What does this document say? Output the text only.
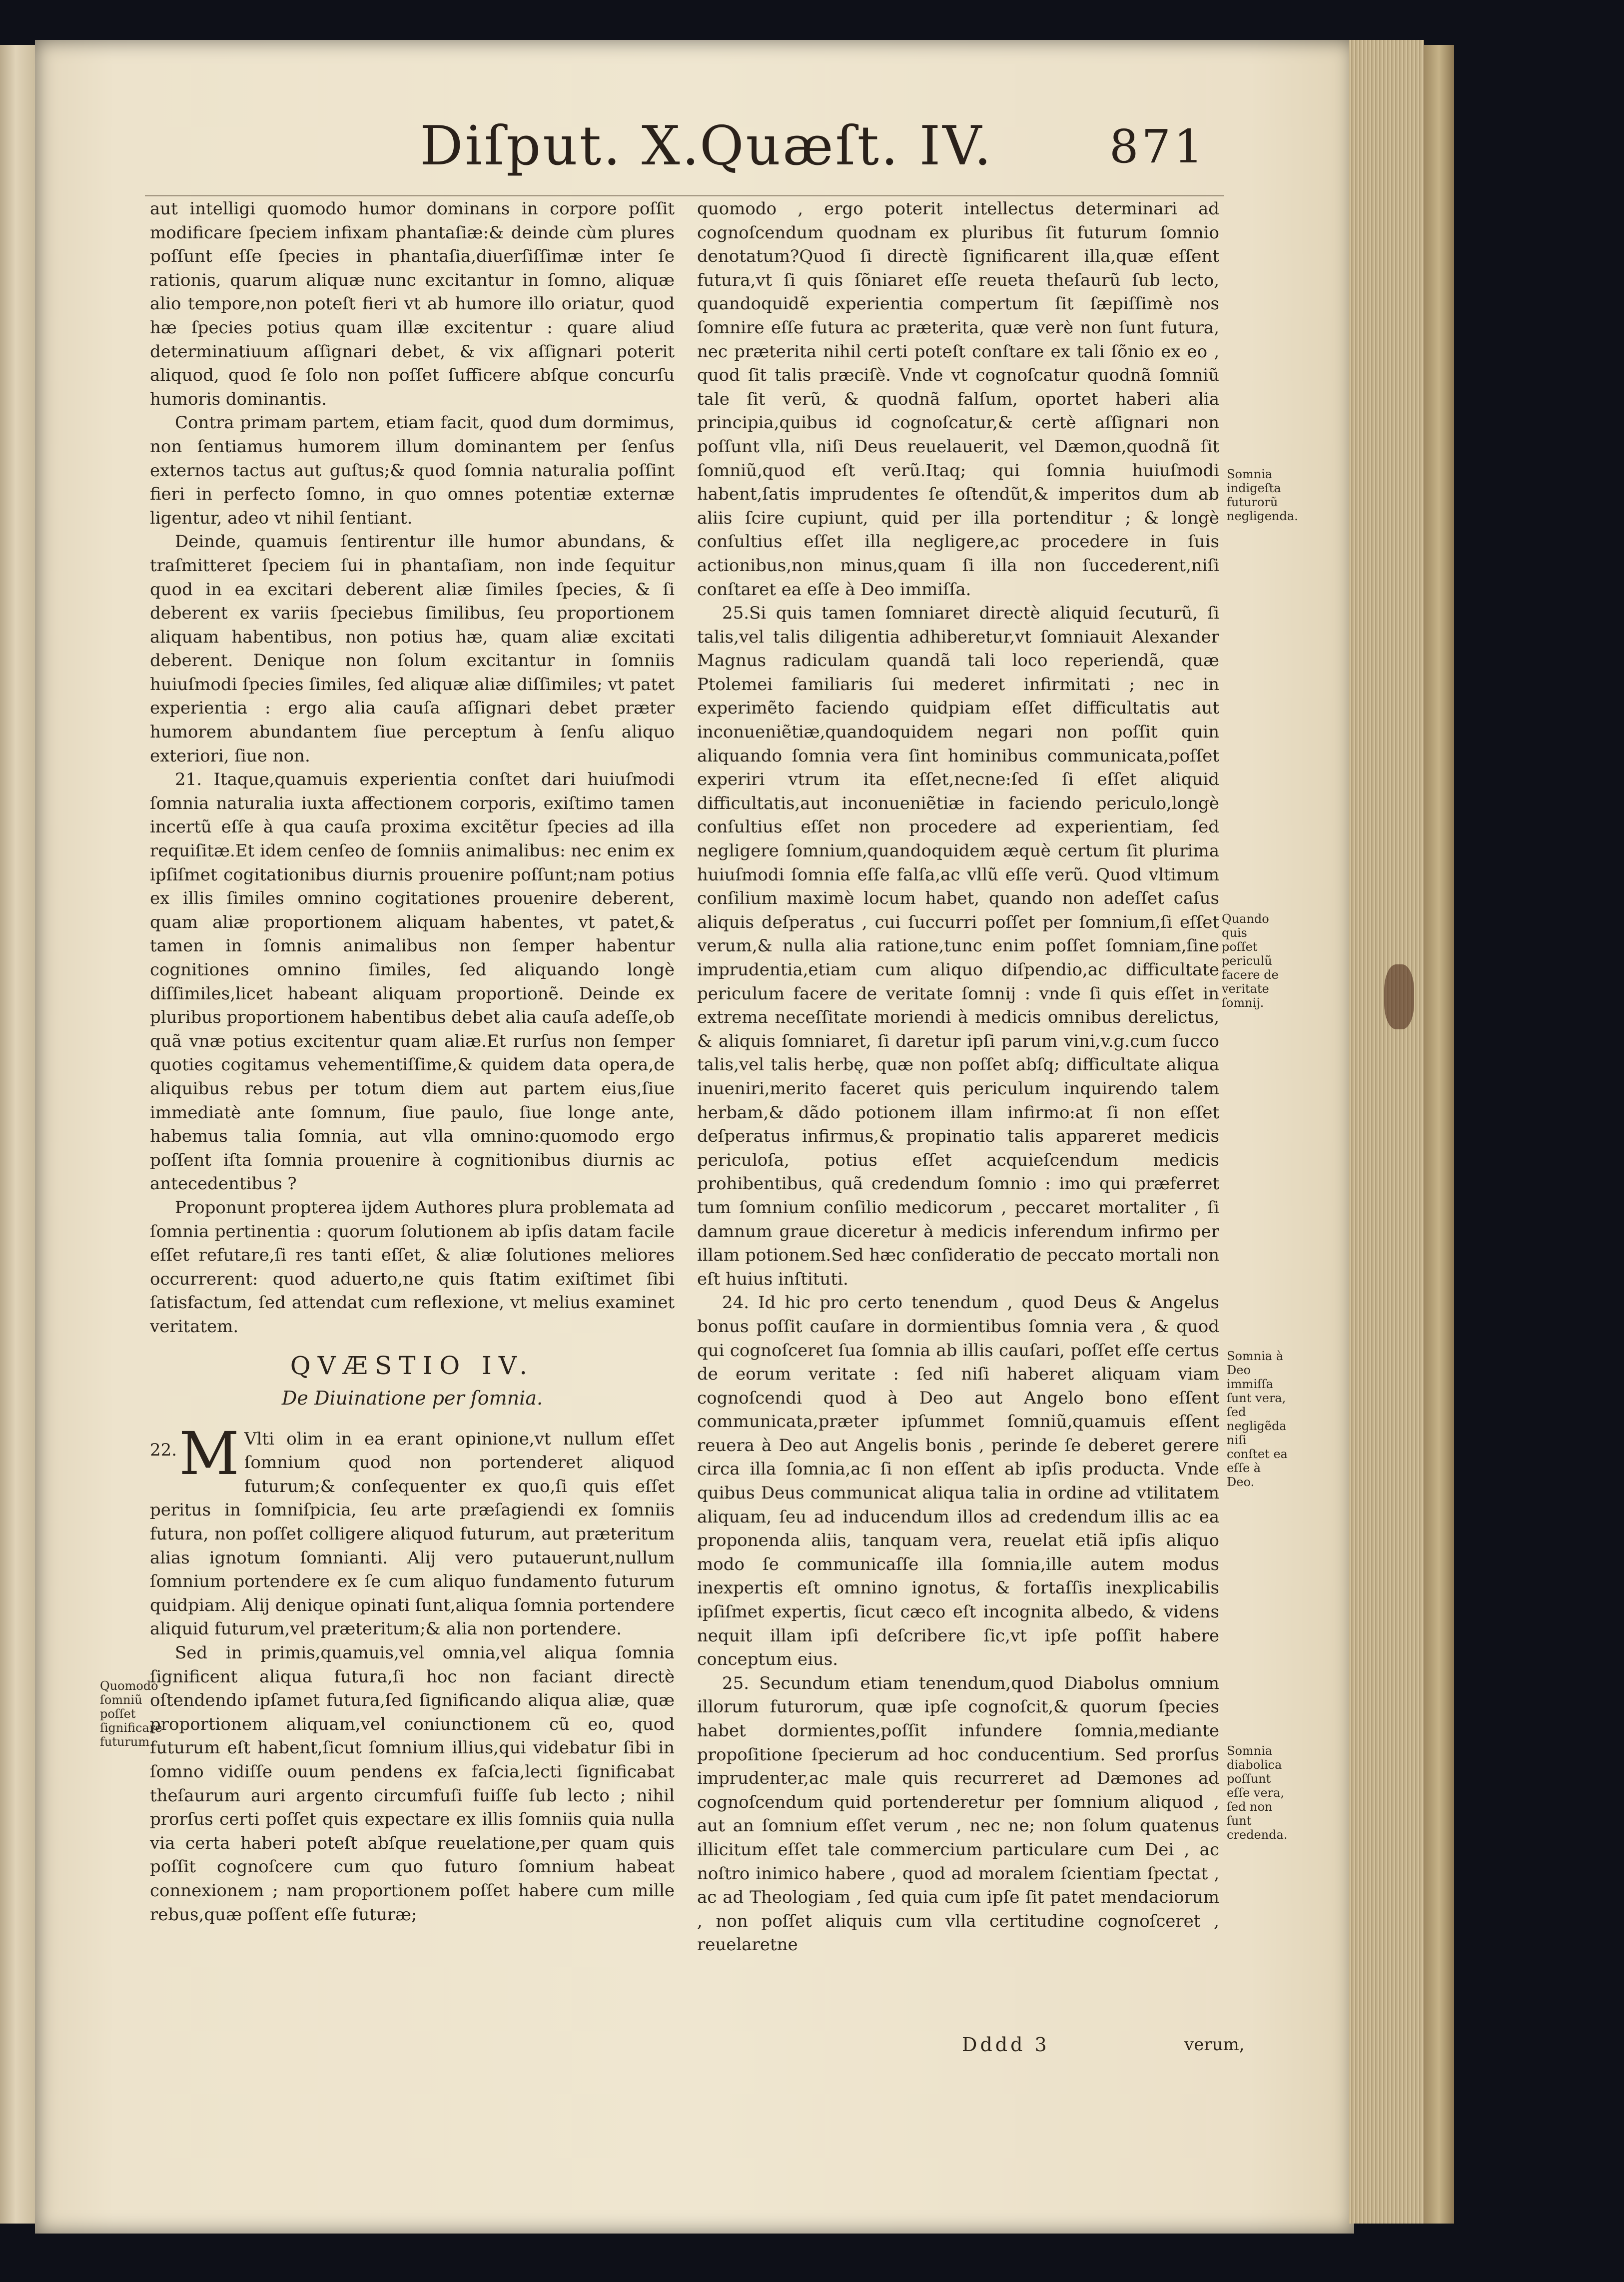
Diſput. X.
Quæſt. IV.	871

aut intelligi quomodo humor dominans in corpore poſſit modificare ſpeciem infixam phantaſiæ:& deinde cùm plures poſſunt eſſe ſpecies in phantaſia,diuerſiſſimæ inter ſe rationis, quarum aliquæ nunc excitantur in ſomno, aliquæ alio tempore,non poteſt fieri vt ab humore illo oriatur, quod hæ ſpecies potius quam illæ excitentur : quare aliud determinatiuum aſſignari debet, & vix aſſignari poterit aliquod, quod ſe ſolo non poſſet ſufficere abſque concurſu humoris dominantis.

Contra primam partem, etiam facit, quod dum dormimus, non ſentiamus humorem illum dominantem per ſenſus externos tactus aut guſtus;& quod ſomnia naturalia poſſint fieri in perfecto ſomno, in quo omnes potentiæ externæ ligentur, adeo vt nihil ſentiant.

Deinde, quamuis ſentirentur ille humor abundans, & traſmitteret ſpeciem ſui in phantaſiam, non inde ſequitur quod in ea excitari deberent aliæ ſimiles ſpecies, & ſi deberent ex variis ſpeciebus ſimilibus, ſeu proportionem aliquam habentibus, non potius hæ, quam aliæ excitati deberent. Denique non ſolum excitantur in ſomniis huiuſmodi ſpecies ſimiles, ſed aliquæ aliæ diſſimiles; vt patet experientia : ergo alia cauſa aſſignari debet præter humorem abundantem ſiue perceptum à ſenſu aliquo exteriori, ſiue non.

21. Itaque,quamuis experientia conſtet dari huiuſmodi ſomnia naturalia iuxta affectionem corporis, exiſtimo tamen incertũ eſſe à qua cauſa proxima excitẽtur ſpecies ad illa requiſitæ.Et idem cenſeo de ſomniis animalibus: nec enim ex ipſiſmet cogitationibus diurnis prouenire poſſunt;nam potius ex illis ſimiles omnino cogitationes prouenire deberent, quam aliæ proportionem aliquam habentes, vt patet,& tamen in ſomnis animalibus non ſemper habentur cognitiones omnino ſimiles, ſed aliquando longè diſſimiles,licet habeant aliquam proportionẽ. Deinde ex pluribus proportionem habentibus debet alia cauſa adeſſe,ob quã vnæ potius excitentur quam aliæ.Et rurſus non ſemper quoties cogitamus vehementiſſime,& quidem data opera,de aliquibus rebus per totum diem aut partem eius,ſiue immediatè ante ſomnum, ſiue paulo, ſiue longe ante, habemus talia ſomnia, aut vlla omnino:quomodo ergo poſſent iſta ſomnia prouenire à cognitionibus diurnis ac antecedentibus ?

Proponunt propterea ijdem Authores plura problemata ad ſomnia pertinentia : quorum ſolutionem ab ipſis datam facile eſſet refutare,ſi res tanti eſſet, & aliæ ſolutiones meliores occurrerent: quod aduerto,ne quis ſtatim exiſtimet ſibi ſatisfactum, ſed attendat cum reflexione, vt melius examinet veritatem.

QVÆSTIO IV.
De Diuinatione per ſomnia.

22. M Vlti olim in ea erant opinione,vt nullum eſſet ſomnium quod non portenderet aliquod futurum;& conſequenter ex quo,ſi quis eſſet peritus in ſomniſpicia, ſeu arte præſagiendi ex ſomniis futura, non poſſet colligere aliquod futurum, aut præteritum alias ignotum ſomnianti. Alij vero putauerunt,nullum ſomnium portendere ex ſe cum aliquo fundamento futurum quidpiam. Alij denique opinati ſunt,aliqua ſomnia portendere aliquid futurum,vel præteritum;& alia non portendere.

Sed in primis,quamuis,vel omnia,vel aliqua ſomnia ſignificent aliqua futura,ſi hoc non faciant directè oſtendendo ipſamet futura,ſed ſignificando aliqua aliæ, quæ proportionem aliquam,vel coniunctionem cũ eo, quod futurum eſt habent,ſicut ſomnium illius,qui videbatur ſibi in ſomno vidiſſe ouum pendens ex faſcia,lecti ſignificabat theſaurum auri argento circumfuſi fuiſſe ſub lecto ; nihil prorſus certi poſſet quis expectare ex illis ſomniis quia nulla via certa haberi poteſt abſque reuelatione,per quam quis poſſit cognoſcere cum quo futuro ſomnium habeat connexionem ; nam proportionem poſſet habere cum mille rebus,quæ poſſent eſſe futuræ;

quomodo , ergo poterit intellectus determinari ad cognoſcendum quodnam ex pluribus ſit futurum ſomnio denotatum?Quod ſi directè ſignificarent illa,quæ eſſent futura,vt ſi quis ſõniaret eſſe reueta theſaurũ ſub lecto, quandoquidẽ experientia compertum ſit ſæpiſſimè nos ſomnire eſſe futura ac præterita, quæ verè non ſunt futura, nec præterita nihil certi poteſt conſtare ex tali ſõnio ex eo , quod ſit talis præciſè. Vnde vt cognoſcatur quodnã ſomniũ tale ſit verũ, & quodnã falſum, oportet haberi alia principia,quibus id cognoſcatur,& certè aſſignari non poſſunt vlla, niſi Deus reuelauerit, vel Dæmon,quodnã ſit ſomniũ,quod eſt verũ.Itaq; qui ſomnia huiuſmodi habent,ſatis imprudentes ſe oſtendũt,& imperitos dum ab aliis ſcire cupiunt, quid per illa portenditur ; & longè conſultius eſſet illa negligere,ac procedere in ſuis actionibus,non minus,quam ſi illa non ſuccederent,niſi conſtaret ea eſſe à Deo immiſſa.

25.Si quis tamen ſomniaret directè aliquid ſecuturũ, ſi talis,vel talis diligentia adhiberetur,vt ſomniauit Alexander Magnus radiculam quandã tali loco reperiendã, quæ Ptolemei familiaris ſui mederet infirmitati ; nec in experimẽto faciendo quidpiam eſſet difficultatis aut inconueniẽtiæ,quandoquidem negari non poſſit quin aliquando ſomnia vera ſint hominibus communicata,poſſet experiri vtrum ita eſſet,necne:ſed ſi eſſet aliquid difficultatis,aut inconueniẽtiæ in faciendo periculo,longè conſultius eſſet non procedere ad experientiam, ſed negligere ſomnium,quandoquidem æquè certum ſit plurima huiuſmodi ſomnia eſſe falſa,ac vllũ eſſe verũ. Quod vltimum conſilium maximè locum habet, quando non adeſſet caſus aliquis deſperatus , cui ſuccurri poſſet per ſomnium,ſi eſſet verum,& nulla alia ratione,tunc enim poſſet ſomniam,ſine imprudentia,etiam cum aliquo diſpendio,ac difficultate periculum facere de veritate ſomnij : vnde ſi quis eſſet in extrema neceſſitate moriendi à medicis omnibus derelictus, & aliquis ſomniaret, ſi daretur ipſi parum vini,v.g.cum ſucco talis,vel talis herbę, quæ non poſſet abſq; difficultate aliqua inueniri,merito faceret quis periculum inquirendo talem herbam,& dãdo potionem illam infirmo:at ſi non eſſet deſperatus infirmus,& propinatio talis appareret medicis periculoſa, potius eſſet acquieſcendum medicis prohibentibus, quã credendum ſomnio : imo qui præferret tum ſomnium conſilio medicorum , peccaret mortaliter , ſi damnum graue diceretur à medicis inferendum infirmo per illam potionem.Sed hæc conſideratio de peccato mortali non eſt huius inſtituti.

24. Id hic pro certo tenendum , quod Deus & Angelus bonus poſſit cauſare in dormientibus ſomnia vera , & quod qui cognoſceret ſua ſomnia ab illis cauſari, poſſet eſſe certus de eorum veritate : ſed niſi haberet aliquam viam cognoſcendi quod à Deo aut Angelo bono eſſent communicata,præter ipſummet ſomniũ,quamuis eſſent reuera à Deo aut Angelis bonis , perinde ſe deberet gerere circa illa ſomnia,ac ſi non eſſent ab ipſis producta. Vnde quibus Deus communicat aliqua talia in ordine ad vtilitatem aliquam, ſeu ad inducendum illos ad credendum illis ac ea proponenda aliis, tanquam vera, reuelat etiã ipſis aliquo modo ſe communicaſſe illa ſomnia,ille autem modus inexpertis eſt omnino ignotus, & fortaſſis inexplicabilis ipſiſmet expertis, ſicut cæco eſt incognita albedo, & videns nequit illam ipſi deſcribere ſic,vt ipſe poſſit habere conceptum eius.

25. Secundum etiam tenendum,quod Diabolus omnium illorum futurorum, quæ ipſe cognoſcit,& quorum ſpecies habet dormientes,poſſit infundere ſomnia,mediante propoſitione ſpecierum ad hoc conducentium. Sed prorſus imprudenter,ac male quis recurreret ad Dæmones ad cognoſcendum quid portenderetur per ſomnium aliquod , aut an ſomnium eſſet verum , nec ne; non ſolum quatenus illicitum eſſet tale commercium particulare cum Dei , ac noſtro inimico habere , quod ad moralem ſcientiam ſpectat , ac ad Theologiam , ſed quia cum ipſe ſit patet mendaciorum , non poſſet aliquis cum vlla certitudine cognoſceret , reuelaretne

Somnia indigeſta futurorũ negligenda.
Quando quis poſſet periculũ facere de veritate ſomnij.
Somnia à Deo immiſſa ſunt vera, ſed negligẽda niſi conſtet ea eſſe à Deo.
Somnia diabolica poſſunt eſſe vera, ſed non ſunt credenda.
Quomodo ſomniũ poſſet ſignificare futurum.
Dddd 3	verum,
